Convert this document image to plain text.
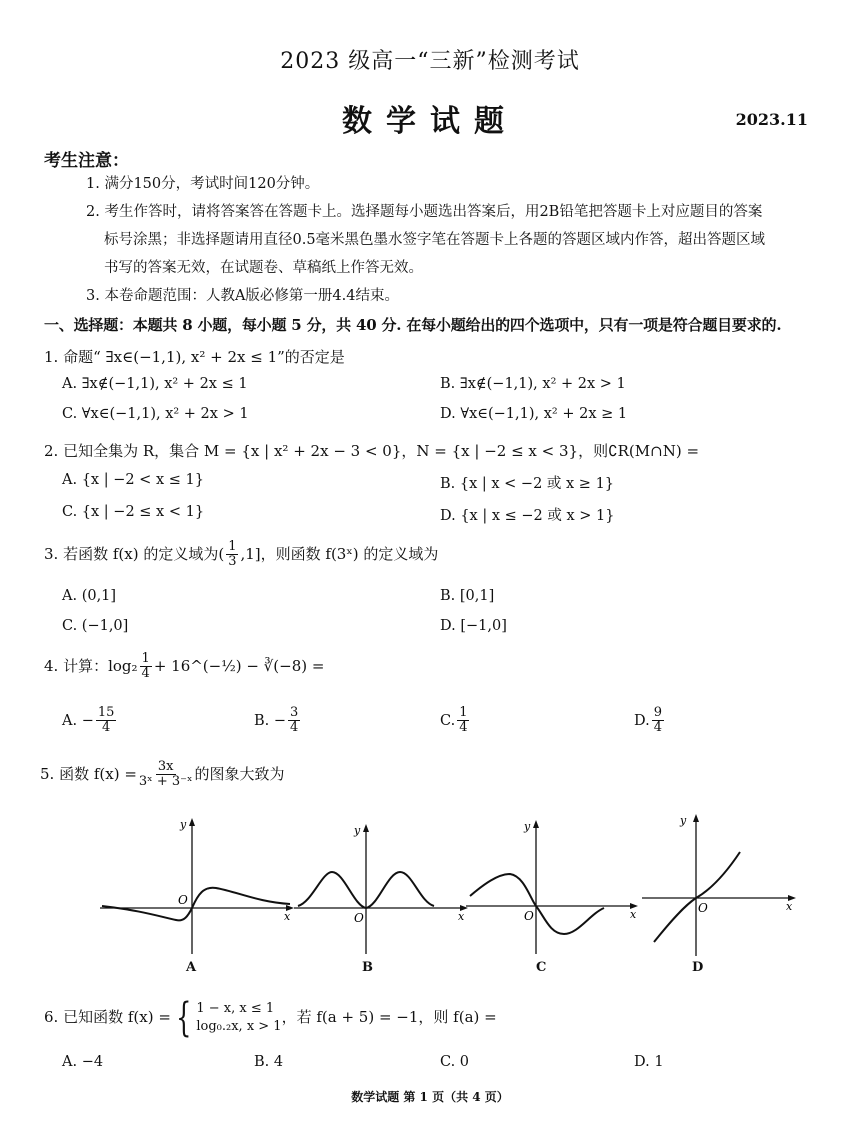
2023 级高一“三新”检测考试
数学试题	2023.11
考生注意：
1. 满分150分，考试时间120分钟。
2. 考生作答时，请将答案答在答题卡上。选择题每小题选出答案后，用2B铅笔把答题卡上对应题目的答案
标号涂黑；非选择题请用直径0.5毫米黑色墨水签字笔在答题卡上各题的答题区域内作答，超出答题区域
书写的答案无效，在试题卷、草稿纸上作答无效。
3. 本卷命题范围：人教A版必修第一册4.4结束。
一、选择题：本题共 8 小题，每小题 5 分，共 40 分. 在每小题给出的四个选项中，只有一项是符合题目要求的.
1. 命题“ ∃x∈(−1,1), x² + 2x ≤ 1”的否定是
A. ∃x∉(−1,1), x² + 2x ≤ 1	B. ∃x∉(−1,1), x² + 2x > 1
C. ∀x∈(−1,1), x² + 2x > 1	D. ∀x∈(−1,1), x² + 2x ≥ 1
2. 已知全集为 R，集合 M = {x | x² + 2x − 3 < 0}，N = {x | −2 ≤ x < 3}，则∁R(M∩N) =
A. {x | −2 < x ≤ 1}	B. {x | x < −2 或 x ≥ 1}
C. {x | −2 ≤ x < 1}	D. {x | x ≤ −2 或 x > 1}
3. 若函数 f(x) 的定义域为( $\frac{1}{3} ,1$]，则函数 f(3ˣ) 的定义域为
A. (0,1]	B. [0,1]
C. (−1,0]	D. [−1,0]
4. 计算：$\log_2 \frac{1}{4}$ + 16^(−½) − ∛(−8) =
A. − $\frac{15}{4}$	B. − $\frac{3}{4}$	C. $\frac{1}{4}$	D. $\frac{9}{4}$
5. 函数 $f(x) = \frac{3x}{\text{3ˣ + 3⁻ˣ}}$ 的图象大致为
O
x
y
A
O	x
y
B
O	x
y
C
O	x
y
D
6. 已知函数 f(x) = { 1 − x, x ≤ 1
log₀.₂x, x > 1
，若 f(a + 5) = −1，则 f(a) =
A. −4	B. 4	C. 0	D. 1
数学试题 第 1 页（共 4 页）
